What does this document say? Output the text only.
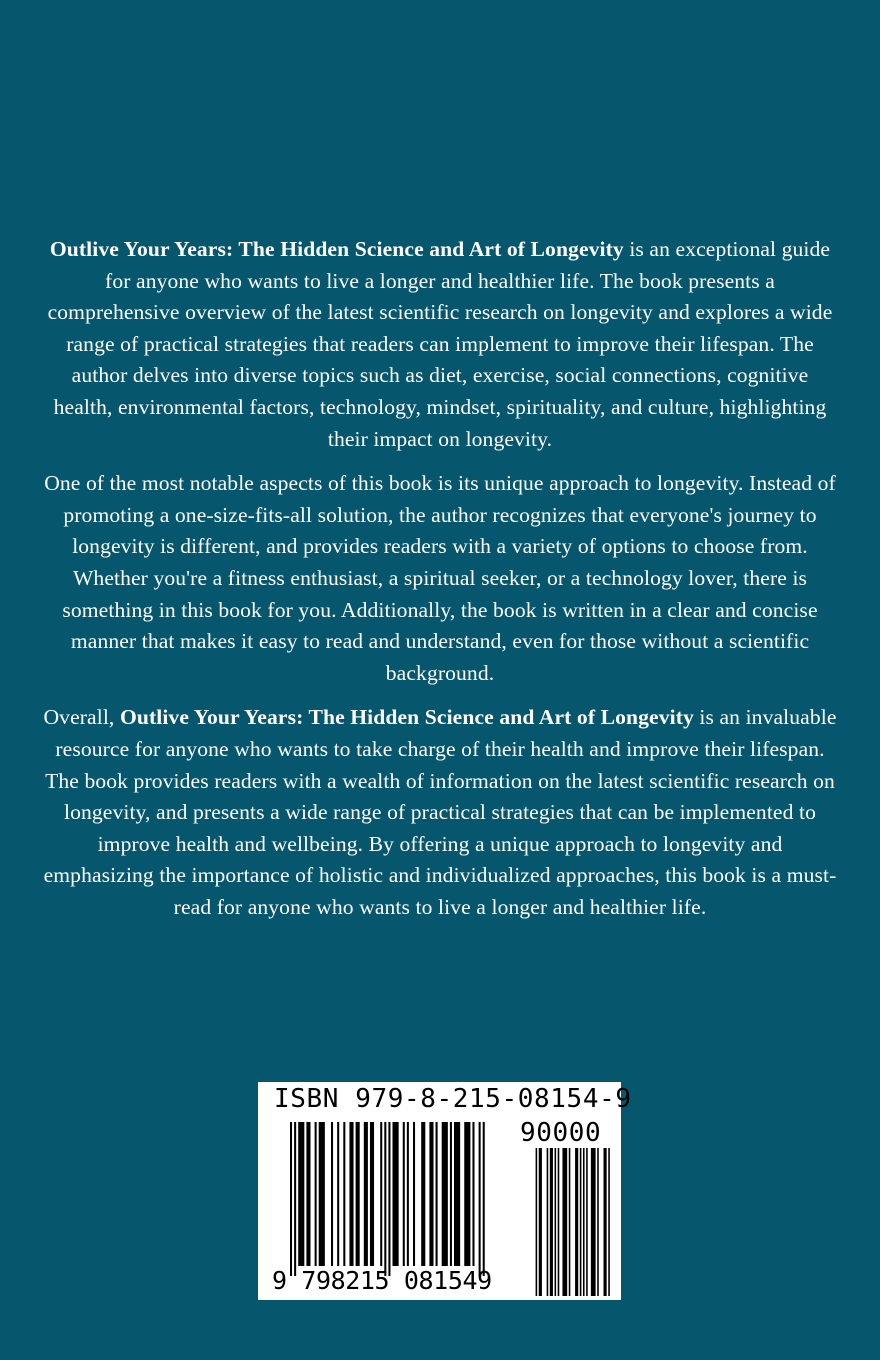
Outlive Your Years: The Hidden Science and Art of Longevity is an exceptional guide for anyone who wants to live a longer and healthier life. The book presents a comprehensive overview of the latest scientific research on longevity and explores a wide range of practical strategies that readers can implement to improve their lifespan. The author delves into diverse topics such as diet, exercise, social connections, cognitive health, environmental factors, technology, mindset, spirituality, and culture, highlighting their impact on longevity.

One of the most notable aspects of this book is its unique approach to longevity. Instead of promoting a one-size-fits-all solution, the author recognizes that everyone's journey to longevity is different, and provides readers with a variety of options to choose from. Whether you're a fitness enthusiast, a spiritual seeker, or a technology lover, there is something in this book for you. Additionally, the book is written in a clear and concise manner that makes it easy to read and understand, even for those without a scientific background.

Overall, Outlive Your Years: The Hidden Science and Art of Longevity is an invaluable resource for anyone who wants to take charge of their health and improve their lifespan. The book provides readers with a wealth of information on the latest scientific research on longevity, and presents a wide range of practical strategies that can be implemented to improve health and wellbeing. By offering a unique approach to longevity and emphasizing the importance of holistic and individualized approaches, this book is a must-read for anyone who wants to live a longer and healthier life.

ISBN 979-8-215-08154-9
90000
9 798215 081549
